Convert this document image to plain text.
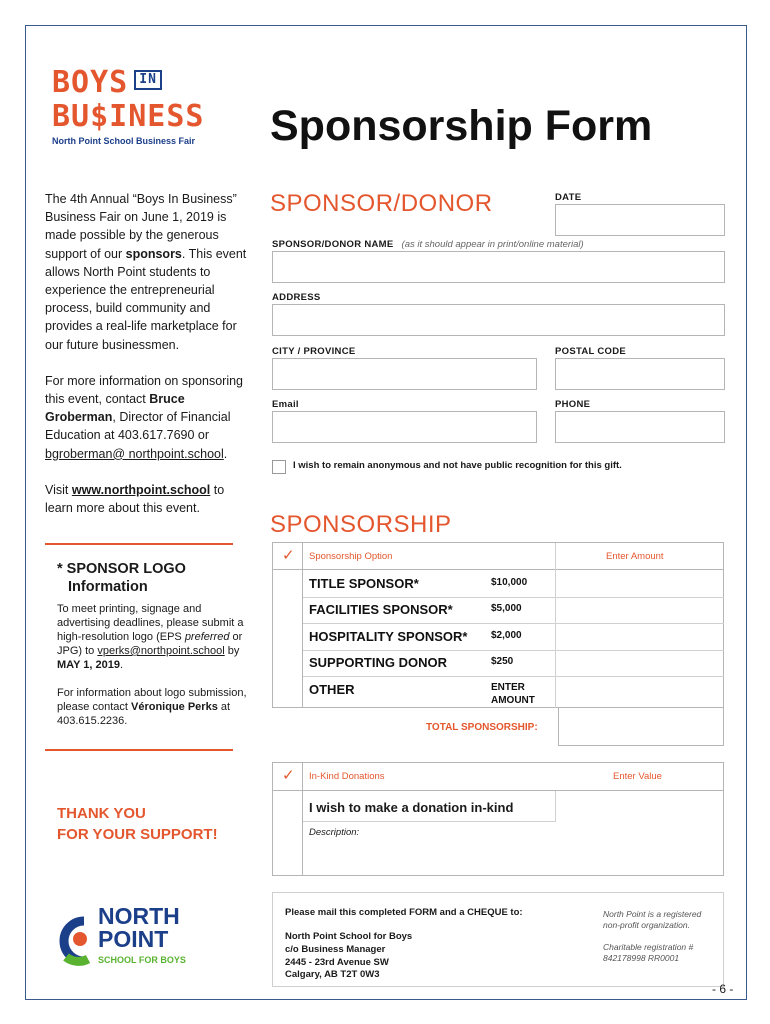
BOYS IN
BU$INESS
North Point School Business Fair	Sponsorship Form

The 4th Annual “Boys In Business” Business Fair on June 1, 2019 is made possible by the generous support of our sponsors. This event allows North Point students to experience the entrepreneurial process, build community and provides a real-life marketplace for our future businessmen.

For more information on sponsoring this event, contact Bruce Groberman, Director of Financial Education at 403.617.7690 or bgroberman@ northpoint.school.

Visit www.northpoint.school to learn more about this event.

* SPONSOR LOGO
Information
To meet printing, signage and advertising deadlines, please submit a high-resolution logo (EPS preferred or JPG) to vperks@northpoint.school by MAY 1, 2019.
For information about logo submission, please contact Véronique Perks at 403.615.2236.
THANK YOU
FOR YOUR SUPPORT!
NORTH
POINT
SCHOOL FOR BOYS
SPONSOR/DONOR	DATE
SPONSOR/DONOR NAME (as it should appear in print/online material)
ADDRESS
CITY / PROVINCE	POSTAL CODE
Email	PHONE
I wish to remain anonymous and not have public recognition for this gift.
SPONSORSHIP
✓ Sponsorship Option	Enter Amount
TITLE SPONSOR*	$10,000
FACILITIES SPONSOR*	$5,000
HOSPITALITY SPONSOR* $2,000
SUPPORTING DONOR	$250
OTHER	ENTER AMOUNT
TOTAL SPONSORSHIP:
✓ In-Kind Donations	Enter Value
I wish to make a donation in-kind
Description:
Please mail this completed FORM and a CHEQUE to:
North Point School for Boys
c/o Business Manager
2445 - 23rd Avenue SW
Calgary, AB T2T 0W3
North Point is a registered non-profit organization.
Charitable registration # 842178998 RR0001
- 6 -
